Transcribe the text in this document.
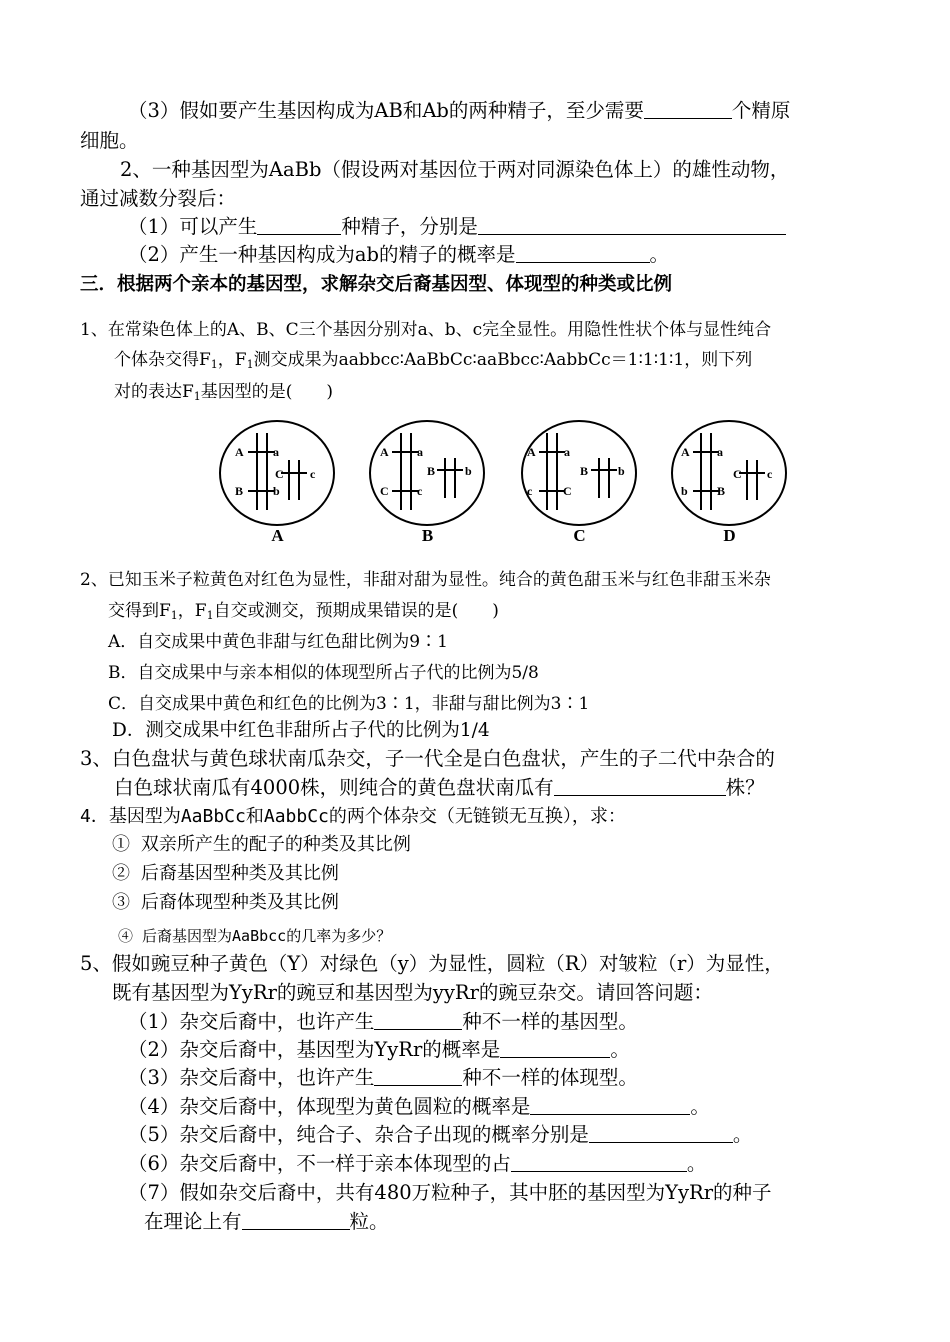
（3）假如要产生基因构成为AB和Ab的两种精子，至少需要	个精原
细胞。
2、一种基因型为AaBb（假设两对基因位于两对同源染色体上）的雄性动物，
通过减数分裂后：
（1）可以产生	种精子，分别是
（2）产生一种基因构成为ab的精子的概率是	。
三．根据两个亲本的基因型，求解杂交后裔基因型、体现型的种类或比例
1、在常染色体上的A、B、C三个基因分别对a、b、c完全显性。用隐性性状个体与显性纯合
个体杂交得$F_1$，$F_1$测交成果为aabbcc∶AaBbCc∶aaBbcc∶AabbCc＝1∶1∶1∶1，则下列
对的表达$F_1$基因型的是(　　)
A a
B b
C c
A
A a
C c
B b
B
A a
c	C
B b
C
A a
b B
C c
D
2、已知玉米子粒黄色对红色为显性，非甜对甜为显性。纯合的黄色甜玉米与红色非甜玉米杂
交得到$F_1$，$F_1$自交或测交，预期成果错误的是(　　)
A．自交成果中黄色非甜与红色甜比例为9∶1
B．自交成果中与亲本相似的体现型所占子代的比例为5/8
C．自交成果中黄色和红色的比例为3∶1，非甜与甜比例为3∶1
D．测交成果中红色非甜所占子代的比例为1/4
3、白色盘状与黄色球状南瓜杂交，子一代全是白色盘状，产生的子二代中杂合的
白色球状南瓜有4000株，则纯合的黄色盘状南瓜有	株？
4．基因型为AaBbCc和AabbCc的两个体杂交（无链锁无互换），求：
① 双亲所产生的配子的种类及其比例
② 后裔基因型种类及其比例
③ 后裔体现型种类及其比例
④ 后裔基因型为AaBbcc的几率为多少？
5、假如豌豆种子黄色（Y）对绿色（y）为显性，圆粒（R）对皱粒（r）为显性，
既有基因型为YyRr的豌豆和基因型为yyRr的豌豆杂交。请回答问题：
（1）杂交后裔中，也许产生	种不一样的基因型。
（2）杂交后裔中，基因型为YyRr的概率是	。
（3）杂交后裔中，也许产生	种不一样的体现型。
（4）杂交后裔中，体现型为黄色圆粒的概率是	。
（5）杂交后裔中，纯合子、杂合子出现的概率分别是	。
（6）杂交后裔中，不一样于亲本体现型的占	。
（7）假如杂交后裔中，共有480万粒种子，其中胚的基因型为YyRr的种子
在理论上有	粒。
